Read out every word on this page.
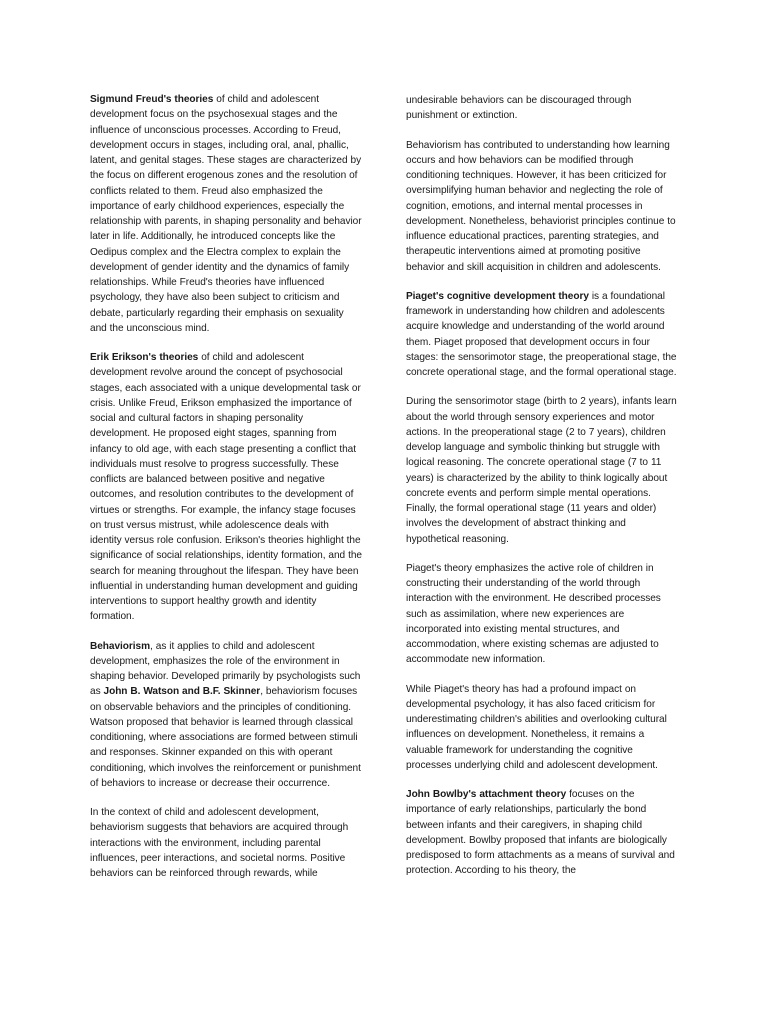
Sigmund Freud's theories of child and adolescent development focus on the psychosexual stages and the influence of unconscious processes. According to Freud, development occurs in stages, including oral, anal, phallic, latent, and genital stages. These stages are characterized by the focus on different erogenous zones and the resolution of conflicts related to them. Freud also emphasized the importance of early childhood experiences, especially the relationship with parents, in shaping personality and behavior later in life. Additionally, he introduced concepts like the Oedipus complex and the Electra complex to explain the development of gender identity and the dynamics of family relationships. While Freud's theories have influenced psychology, they have also been subject to criticism and debate, particularly regarding their emphasis on sexuality and the unconscious mind.

Erik Erikson's theories of child and adolescent development revolve around the concept of psychosocial stages, each associated with a unique developmental task or crisis. Unlike Freud, Erikson emphasized the importance of social and cultural factors in shaping personality development. He proposed eight stages, spanning from infancy to old age, with each stage presenting a conflict that individuals must resolve to progress successfully. These conflicts are balanced between positive and negative outcomes, and resolution contributes to the development of virtues or strengths. For example, the infancy stage focuses on trust versus mistrust, while adolescence deals with identity versus role confusion. Erikson's theories highlight the significance of social relationships, identity formation, and the search for meaning throughout the lifespan. They have been influential in understanding human development and guiding interventions to support healthy growth and identity formation.

Behaviorism, as it applies to child and adolescent development, emphasizes the role of the environment in shaping behavior. Developed primarily by psychologists such as John B. Watson and B.F. Skinner, behaviorism focuses on observable behaviors and the principles of conditioning. Watson proposed that behavior is learned through classical conditioning, where associations are formed between stimuli and responses. Skinner expanded on this with operant conditioning, which involves the reinforcement or punishment of behaviors to increase or decrease their occurrence.

In the context of child and adolescent development, behaviorism suggests that behaviors are acquired through interactions with the environment, including parental influences, peer interactions, and societal norms. Positive behaviors can be reinforced through rewards, while

undesirable behaviors can be discouraged through punishment or extinction.

Behaviorism has contributed to understanding how learning occurs and how behaviors can be modified through conditioning techniques. However, it has been criticized for oversimplifying human behavior and neglecting the role of cognition, emotions, and internal mental processes in development. Nonetheless, behaviorist principles continue to influence educational practices, parenting strategies, and therapeutic interventions aimed at promoting positive behavior and skill acquisition in children and adolescents.

Piaget's cognitive development theory is a foundational framework in understanding how children and adolescents acquire knowledge and understanding of the world around them. Piaget proposed that development occurs in four stages: the sensorimotor stage, the preoperational stage, the concrete operational stage, and the formal operational stage.

During the sensorimotor stage (birth to 2 years), infants learn about the world through sensory experiences and motor actions. In the preoperational stage (2 to 7 years), children develop language and symbolic thinking but struggle with logical reasoning. The concrete operational stage (7 to 11 years) is characterized by the ability to think logically about concrete events and perform simple mental operations. Finally, the formal operational stage (11 years and older) involves the development of abstract thinking and hypothetical reasoning.

Piaget's theory emphasizes the active role of children in constructing their understanding of the world through interaction with the environment. He described processes such as assimilation, where new experiences are incorporated into existing mental structures, and accommodation, where existing schemas are adjusted to accommodate new information.

While Piaget's theory has had a profound impact on developmental psychology, it has also faced criticism for underestimating children's abilities and overlooking cultural influences on development. Nonetheless, it remains a valuable framework for understanding the cognitive processes underlying child and adolescent development.

John Bowlby's attachment theory focuses on the importance of early relationships, particularly the bond between infants and their caregivers, in shaping child development. Bowlby proposed that infants are biologically predisposed to form attachments as a means of survival and protection. According to his theory, the
